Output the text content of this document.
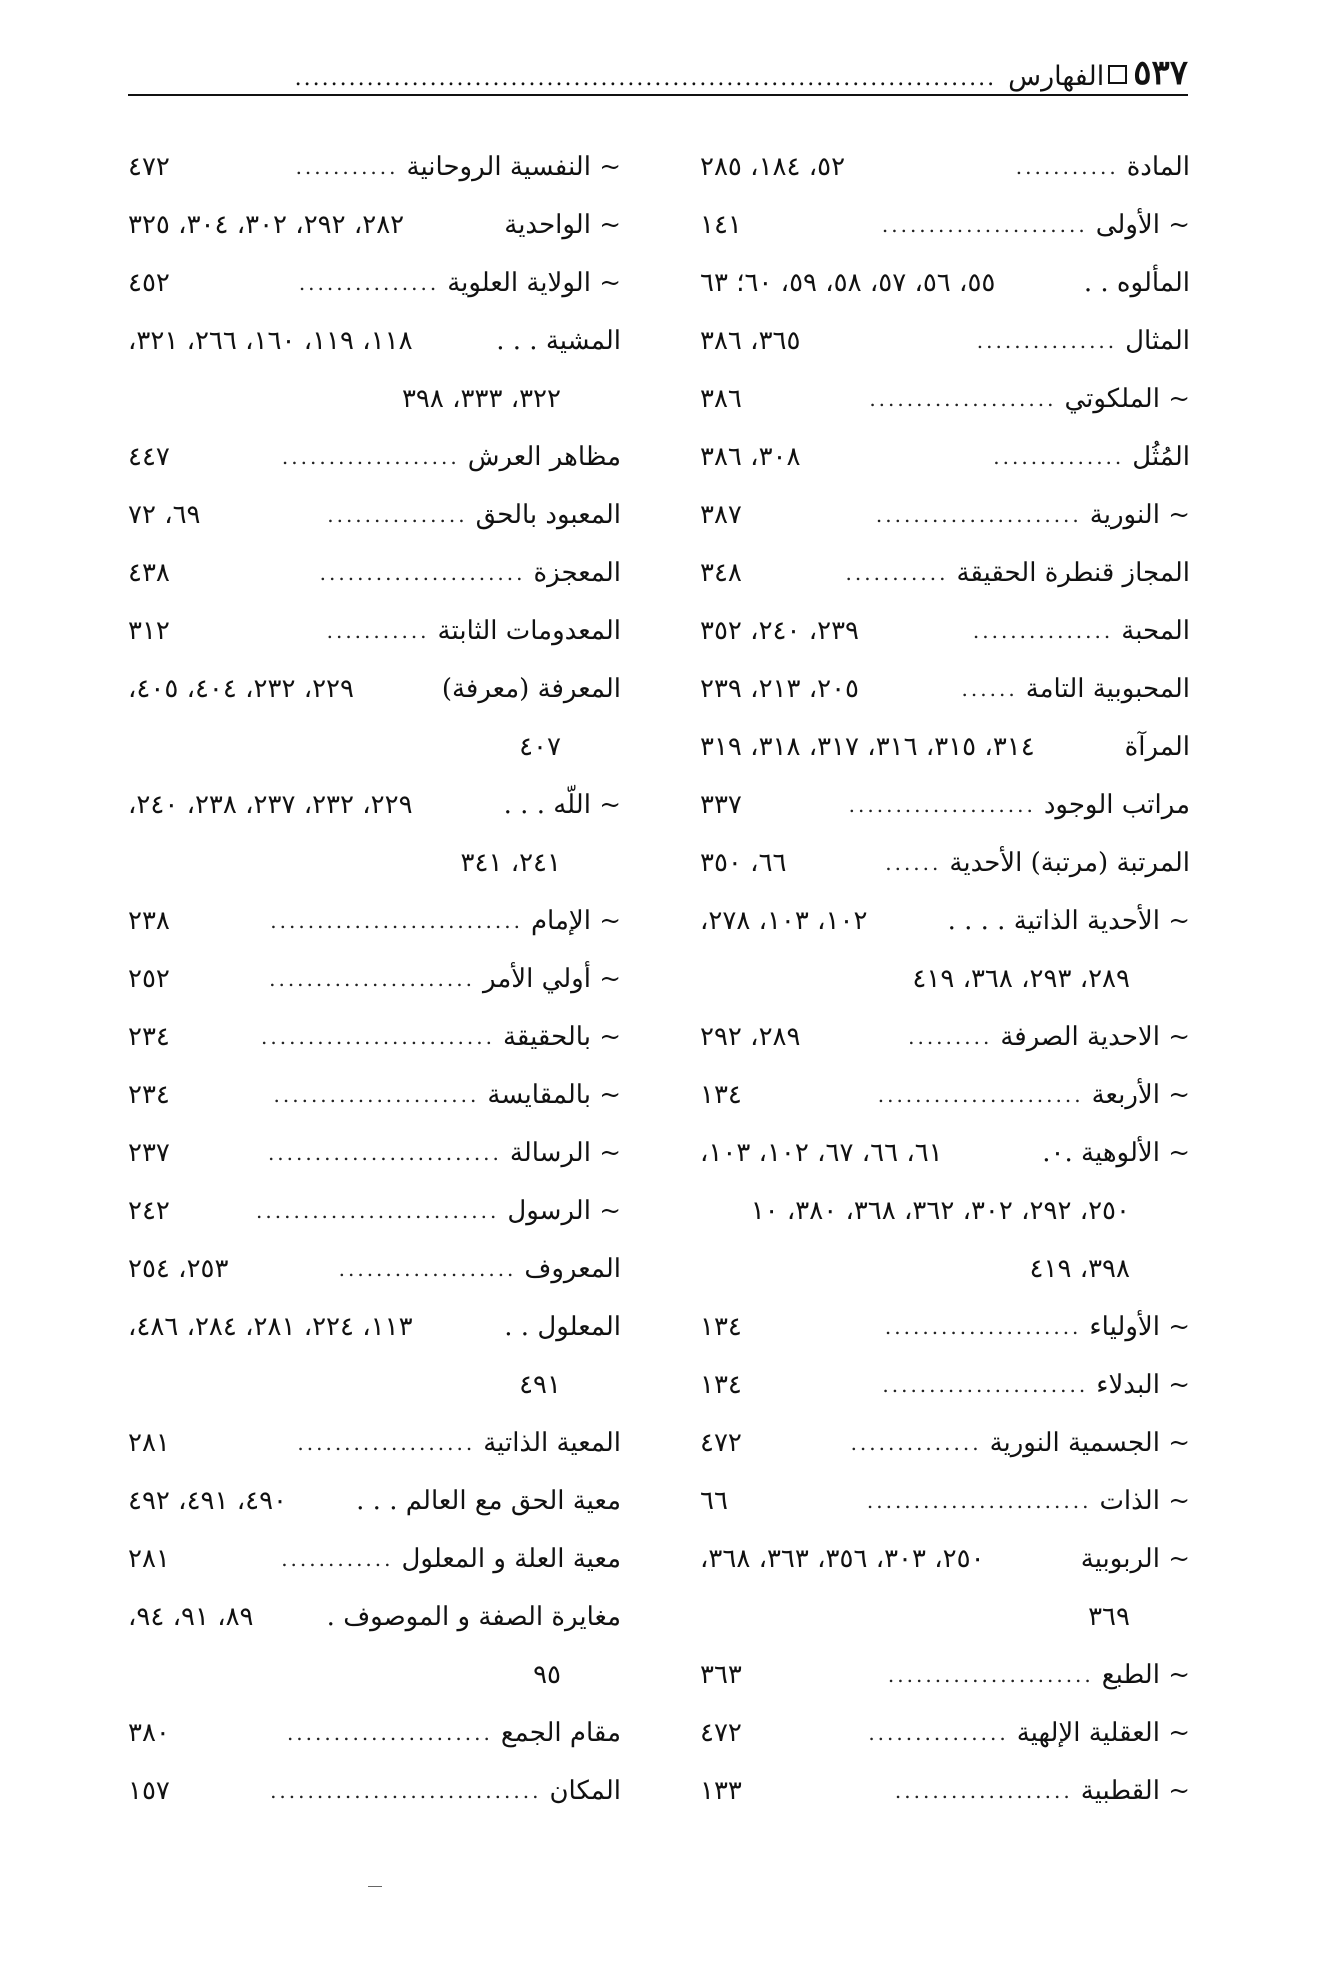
٥٣٧
الفهارس
..............................................................................
المادة
...........
٥٢، ١٨٤، ٢٨٥
~ الأولى
......................
١٤١
المألوه . .
٥٥، ٥٦، ٥٧، ٥٨، ٥٩، ٦٠؛ ٦٣
المثال
...............
٣٦٥، ٣٨٦
~ الملكوتي
....................
٣٨٦
المُثُل
..............
٣٠٨، ٣٨٦
~ النورية
......................
٣٨٧
المجاز قنطرة الحقيقة
...........
٣٤٨
المحبة
...............
٢٣٩، ٢٤٠، ٣٥٢
المحبوبية التامة
......
٢٠٥، ٢١٣، ٢٣٩
المرآة
٣١٤، ٣١٥، ٣١٦، ٣١٧، ٣١٨، ٣١٩
مراتب الوجود
....................
٣٣٧
المرتبة (مرتبة) الأحدية
......
٦٦، ٣٥٠
~ الأحدية الذاتية . . . .
١٠٢، ١٠٣، ٢٧٨،
٢٨٩، ٢٩٣، ٣٦٨، ٤١٩
~ الاحدية الصرفة
.........
٢٨٩، ٢٩٢
~ الأربعة
......................
١٣٤
~ الألوهية .٠.
٦١، ٦٦، ٦٧، ١٠٢، ١٠٣،
٢٥٠، ٢٩٢، ٣٠٢، ٣٦٢، ٣٦٨، ٣٨٠، ١٠
٣٩٨، ٤١٩
~ الأولياء
.....................
١٣٤
~ البدلاء
......................
١٣٤
~ الجسمية النورية
..............
٤٧٢
~ الذات
........................
٦٦
~ الربوبية
٢٥٠، ٣٠٣، ٣٥٦، ٣٦٣، ٣٦٨،
٣٦٩
~ الطبع
......................
٣٦٣
~ العقلية الإلهية
...............
٤٧٢
~ القطبية
...................
١٣٣
~ النفسية الروحانية
...........
٤٧٢
~ الواحدية
٢٨٢، ٢٩٢، ٣٠٢، ٣٠٤، ٣٢٥
~ الولاية العلوية
...............
٤٥٢
المشية . . .
١١٨، ١١٩، ١٦٠، ٢٦٦، ٣٢١،
٣٢٢، ٣٣٣، ٣٩٨
مظاهر العرش
...................
٤٤٧
المعبود بالحق
...............
٦٩، ٧٢
المعجزة
......................
٤٣٨
المعدومات الثابتة
...........
٣١٢
المعرفة (معرفة)
٢٢٩، ٢٣٢، ٤٠٤، ٤٠٥،
٤٠٧
~ اللّه . . .
٢٢٩، ٢٣٢، ٢٣٧، ٢٣٨، ٢٤٠،
٢٤١، ٣٤١
~ الإمام
...........................
٢٣٨
~ أولي الأمر
......................
٢٥٢
~ بالحقيقة
.........................
٢٣٤
~ بالمقايسة
......................
٢٣٤
~ الرسالة
.........................
٢٣٧
~ الرسول
..........................
٢٤٢
المعروف
...................
٢٥٣، ٢٥٤
المعلول . .
١١٣، ٢٢٤، ٢٨١، ٢٨٤، ٤٨٦،
٤٩١
المعية الذاتية
...................
٢٨١
معية الحق مع العالم . . .
٤٩٠، ٤٩١، ٤٩٢
معية العلة و المعلول
............
٢٨١
مغايرة الصفة و الموصوف .
٨٩، ٩١، ٩٤،
٩٥
مقام الجمع
......................
٣٨٠
المكان
.............................
١٥٧
